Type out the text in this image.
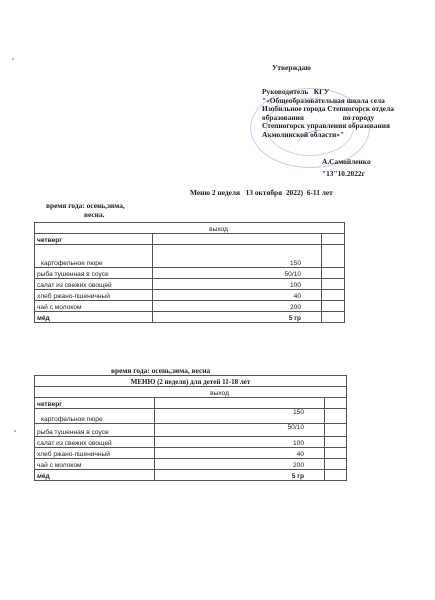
Утверждаю
Руководитель   КГУ
"«Общеобразовательная школа села
Изобильное города Степногорск отдела
образования                     по городу
Степногорск управления образования
Акмолинской области»"
А.Самойленко
"13"10.2022г
Меню 2 неделя   13 октября  2022)  6-11 лет
время года: осень,зима,
весна.
выход		
четверг		
картофельное пюре	150	
рыба тушенная в соусе	50/10	
салат из свежих овощей	100	
хлеб ржано-пшеничный	40	
чай с молоком	200	
мёд	5 гр	
время года: осень,зима, весна
МЕНЮ (2 неделя) для детей 11-18 лет		
выход		
четверг		
картофельное пюре	150	
рыба тушенная в соусе	50/10	
салат из свежих овощей	100	
хлеб ржано-пшеничный	40	
чай с молоком	200	
мёд	5 гр	
